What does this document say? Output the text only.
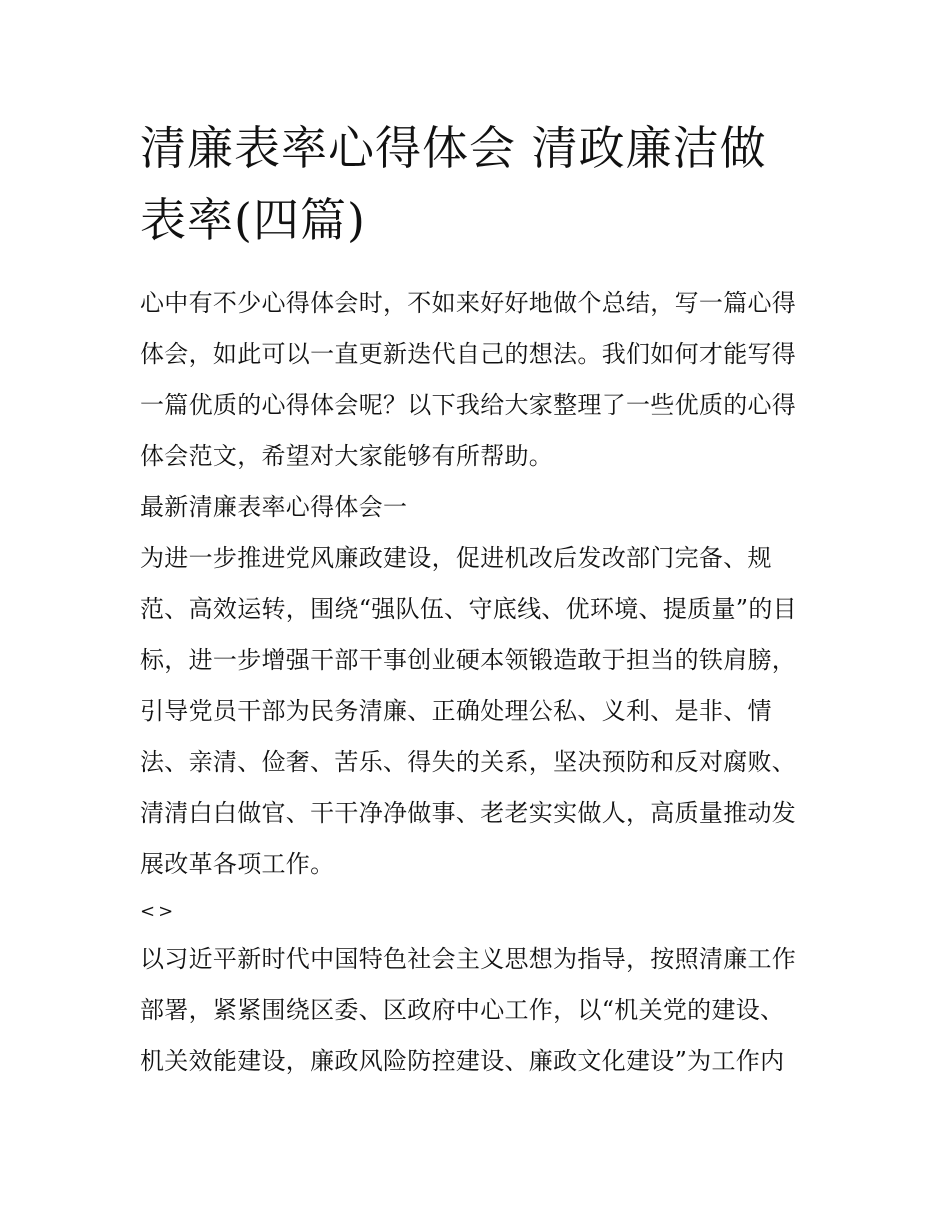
清廉表率心得体会 清政廉洁做
表率(四篇)
心中有不少心得体会时，不如来好好地做个总结，写一篇心得
体会，如此可以一直更新迭代自己的想法。我们如何才能写得
一篇优质的心得体会呢？以下我给大家整理了一些优质的心得
体会范文，希望对大家能够有所帮助。
最新清廉表率心得体会一
为进一步推进党风廉政建设，促进机改后发改部门完备、规
范、高效运转，围绕“强队伍、守底线、优环境、提质量”的目
标，进一步增强干部干事创业硬本领锻造敢于担当的铁肩膀，
引导党员干部为民务清廉、正确处理公私、义利、是非、情
法、亲清、俭奢、苦乐、得失的关系，坚决预防和反对腐败、
清清白白做官、干干净净做事、老老实实做人，高质量推动发
展改革各项工作。
<>
以习近平新时代中国特色社会主义思想为指导，按照清廉工作
部署，紧紧围绕区委、区政府中心工作，以“机关党的建设、
机关效能建设，廉政风险防控建设、廉政文化建设”为工作内
